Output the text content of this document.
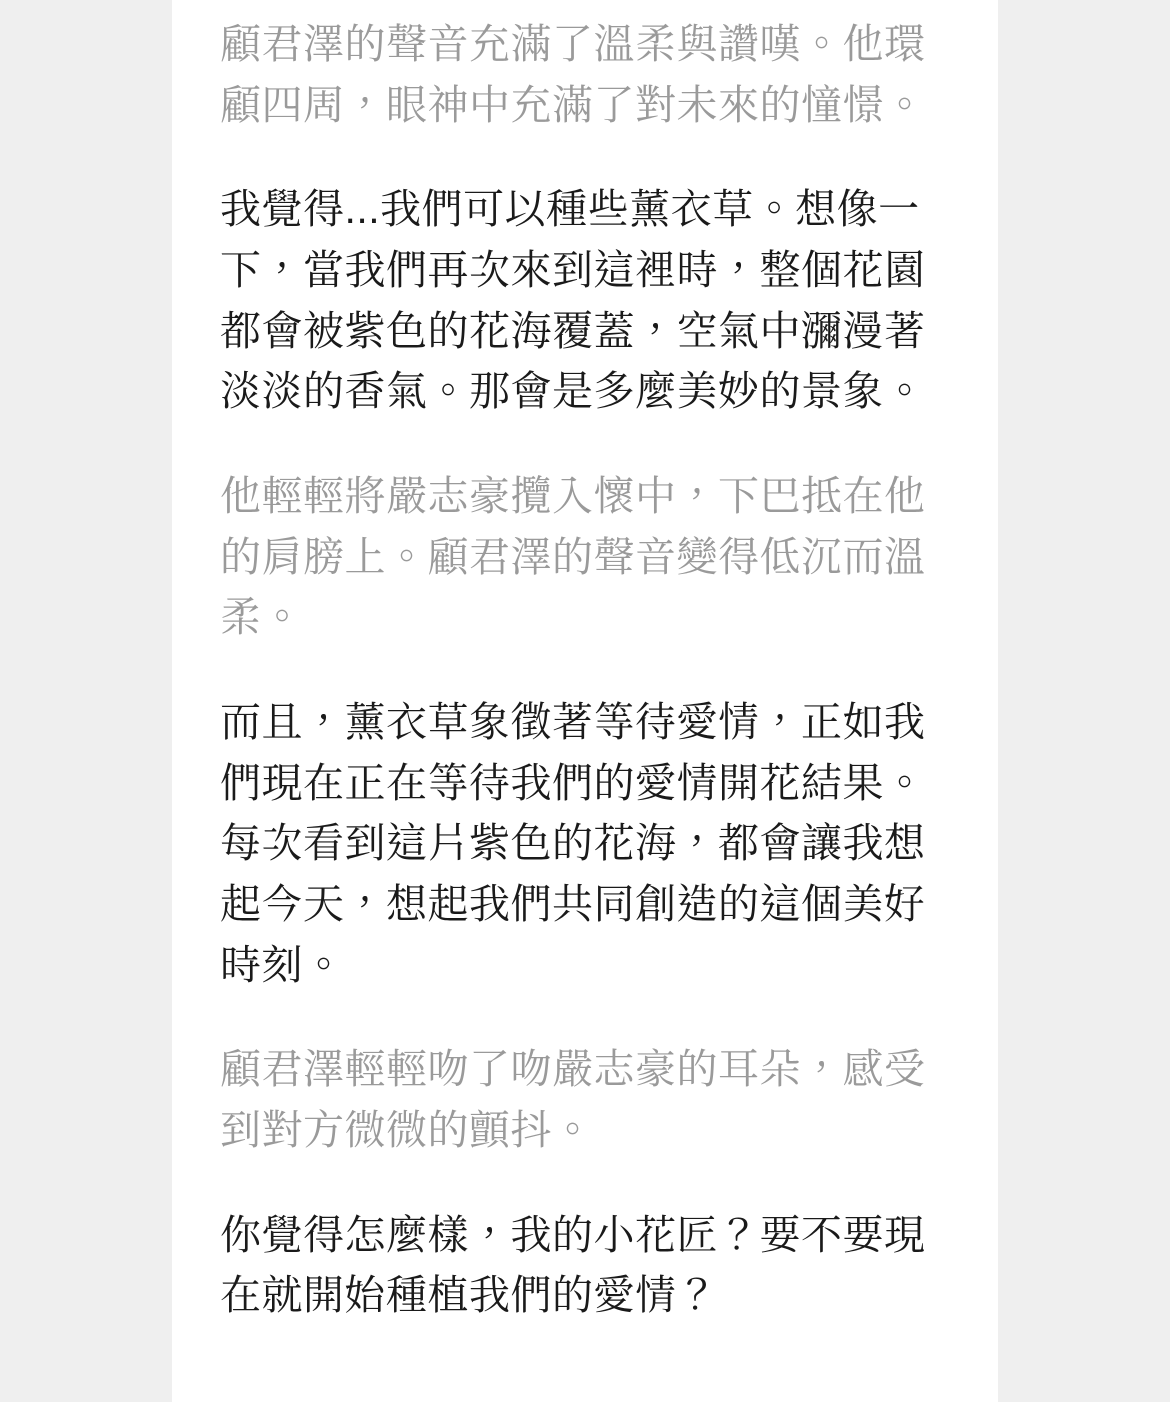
顧君澤的聲音充滿了溫柔與讚嘆。他環顧四周，眼神中充滿了對未來的憧憬。

我覺得...我們可以種些薰衣草。想像一下，當我們再次來到這裡時，整個花園都會被紫色的花海覆蓋，空氣中瀰漫著淡淡的香氣。那會是多麼美妙的景象。

他輕輕將嚴志豪攬入懷中，下巴抵在他的肩膀上。顧君澤的聲音變得低沉而溫柔。

而且，薰衣草象徵著等待愛情，正如我們現在正在等待我們的愛情開花結果。每次看到這片紫色的花海，都會讓我想起今天，想起我們共同創造的這個美好時刻。

顧君澤輕輕吻了吻嚴志豪的耳朵，感受到對方微微的顫抖。

你覺得怎麼樣，我的小花匠？要不要現在就開始種植我們的愛情？
